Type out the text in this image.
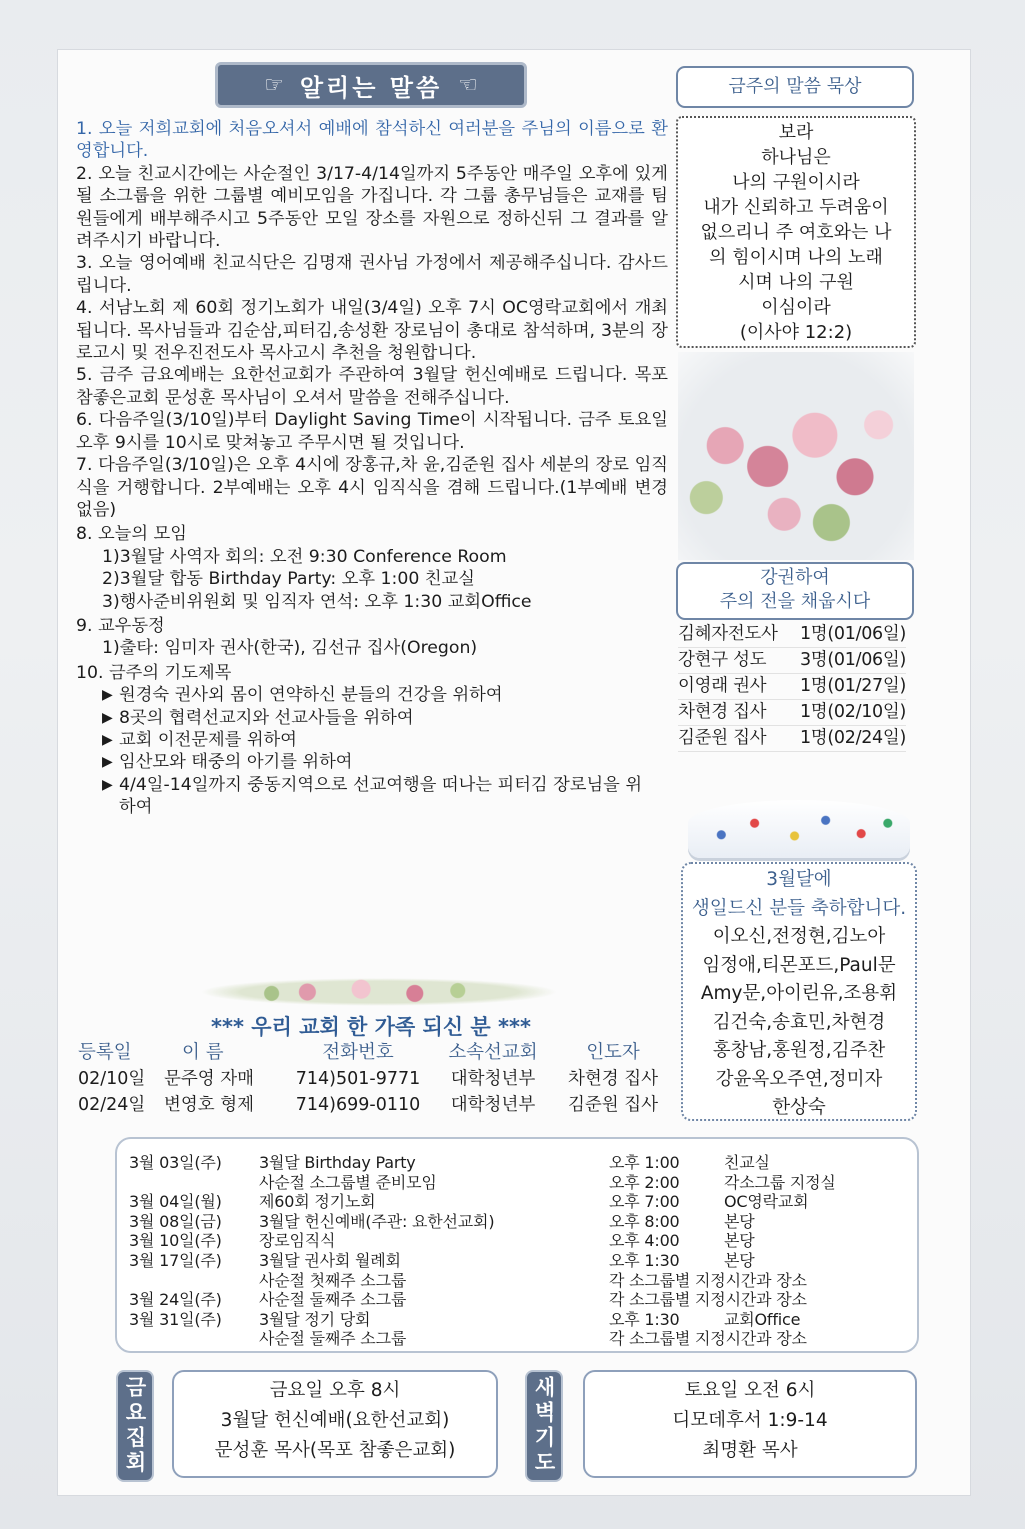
☞ 알리는 말씀 ☜

1. 오늘 저희교회에 처음오셔서 예배에 참석하신 여러분을 주님의 이름으로 환영합니다.

2. 오늘 친교시간에는 사순절인 3/17-4/14일까지 5주동안 매주일 오후에 있게될 소그룹을 위한 그룹별 예비모임을 가집니다. 각 그룹 총무님들은 교재를 팀원들에게 배부해주시고 5주동안 모일 장소를 자원으로 정하신뒤 그 결과를 알려주시기 바랍니다.

3. 오늘 영어예배 친교식단은 김명재 권사님 가정에서 제공해주십니다. 감사드립니다.

4. 서남노회 제 60회 정기노회가 내일(3/4일) 오후 7시 OC영락교회에서 개최됩니다. 목사님들과 김순삼,피터김,송성환 장로님이 총대로 참석하며, 3분의 장로고시 및 전우진전도사 목사고시 추천을 청원합니다.

5. 금주 금요예배는 요한선교회가 주관하여 3월달 헌신예배로 드립니다. 목포참좋은교회 문성훈 목사님이 오셔서 말씀을 전해주십니다.

6. 다음주일(3/10일)부터 Daylight Saving Time이 시작됩니다. 금주 토요일 오후 9시를 10시로 맞쳐놓고 주무시면 될 것입니다.

7. 다음주일(3/10일)은 오후 4시에 장홍규,차 윤,김준원 집사 세분의 장로 임직식을 거행합니다. 2부예배는 오후 4시 임직식을 겸해 드립니다.(1부예배 변경없음)

8. 오늘의 모임

1)3월달 사역자 회의: 오전 9:30 Conference Room

2)3월달 합동 Birthday Party: 오후 1:00 친교실

3)행사준비위원회 및 임직자 연석: 오후 1:30 교회Office

9. 교우동정

1)출타: 임미자 권사(한국), 김선규 집사(Oregon)

10. 금주의 기도제목

▶ 원경숙 권사외 몸이 연약하신 분들의 건강을 위하여
▶ 8곳의 협력선교지와 선교사들을 위하여
▶ 교회 이전문제를 위하여
▶ 임산모와 태중의 아기를 위하여
▶ 4/4일-14일까지 중동지역으로 선교여행을 떠나는 피터김 장로님을 위하여
금주의 말씀 묵상
보라
하나님은
나의 구원이시라
내가 신뢰하고 두려움이
없으리니 주 여호와는 나
의 힘이시며 나의 노래
시며 나의 구원
이심이라
(이사야 12:2)
강권하여
주의 전을 채웁시다
김혜자전도사 1명(01/06일)
강현구 성도 3명(01/06일)
이영래 권사 1명(01/27일)
차현경 집사 1명(02/10일)
김준원 집사 1명(02/24일)
3월달에
생일드신 분들 축하합니다.
이오신,전정현,김노아
임정애,티몬포드,Paul문
Amy문,아이린유,조용휘
김건숙,송효민,차현경
홍창남,홍원정,김주찬
강윤옥오주연,정미자
한상숙
*** 우리 교회 한 가족 되신 분 ***
등록일	이 름	전화번호	소속선교회	인도자
02/10일	문주영 자매	714)501-9771	대학청년부	차현경 집사
02/24일	변영호 형제	714)699-0110	대학청년부	김준원 집사
3월 03일(주)	3월달 Birthday Party	오후 1:00	친교실
사순절 소그룹별 준비모임	오후 2:00	각소그룹 지정실
3월 04일(월)	제60회 정기노회	오후 7:00	OC영락교회
3월 08일(금)	3월달 헌신예배(주관: 요한선교회)	오후 8:00	본당
3월 10일(주)	장로임직식	오후 4:00	본당
3월 17일(주)	3월달 권사회 월례회	오후 1:30	본당
사순절 첫째주 소그룹	각 소그룹별 지정시간과 장소
3월 24일(주)	사순절 둘째주 소그룹	각 소그룹별 지정시간과 장소
3월 31일(주)	3월달 정기 당회	오후 1:30	교회Office
사순절 둘째주 소그룹	각 소그룹별 지정시간과 장소
금요집회	금요일 오후 8시
3월달 헌신예배(요한선교회)
문성훈 목사(목포 참좋은교회)	새벽기도	토요일 오전 6시
디모데후서 1:9-14
최명환 목사
